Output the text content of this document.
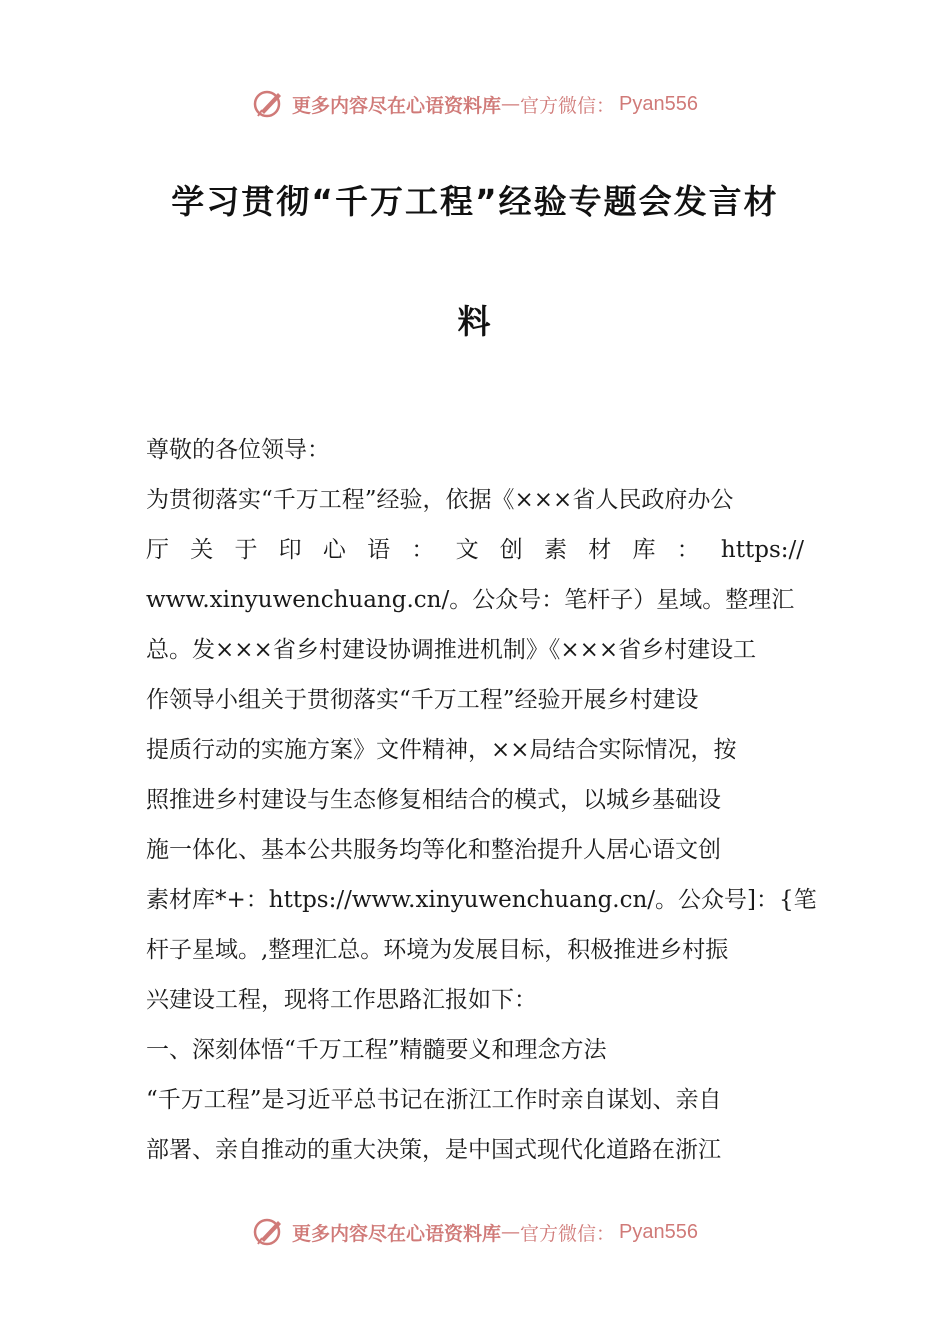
更多内容尽在心语资料库 — 官方微信： Pyan556
学习贯彻“千万工程”经验专题会发言材
料
尊敬的各位领导：
为贯彻落实“千万工程”经验，依据《×××省人民政府办公
厅 关 于 印 心 语 ： 文 创 素 材 库 ： https://
www.xinyuwenchuang.cn/。公众号：笔杆子）星域。整理汇
总。发×××省乡村建设协调推进机制》《×××省乡村建设工
作领导小组关于贯彻落实“千万工程”经验开展乡村建设
提质行动的实施方案》文件精神，××局结合实际情况，按
照推进乡村建设与生态修复相结合的模式，以城乡基础设
施一体化、基本公共服务均等化和整治提升人居心语文创
素材库*+：https://www.xinyuwenchuang.cn/。公众号]：{笔
杆子星域。,整理汇总。环境为发展目标，积极推进乡村振
兴建设工程，现将工作思路汇报如下：
一、深刻体悟“千万工程”精髓要义和理念方法
“千万工程”是习近平总书记在浙江工作时亲自谋划、亲自
部署、亲自推动的重大决策，是中国式现代化道路在浙江
更多内容尽在心语资料库 — 官方微信： Pyan556
